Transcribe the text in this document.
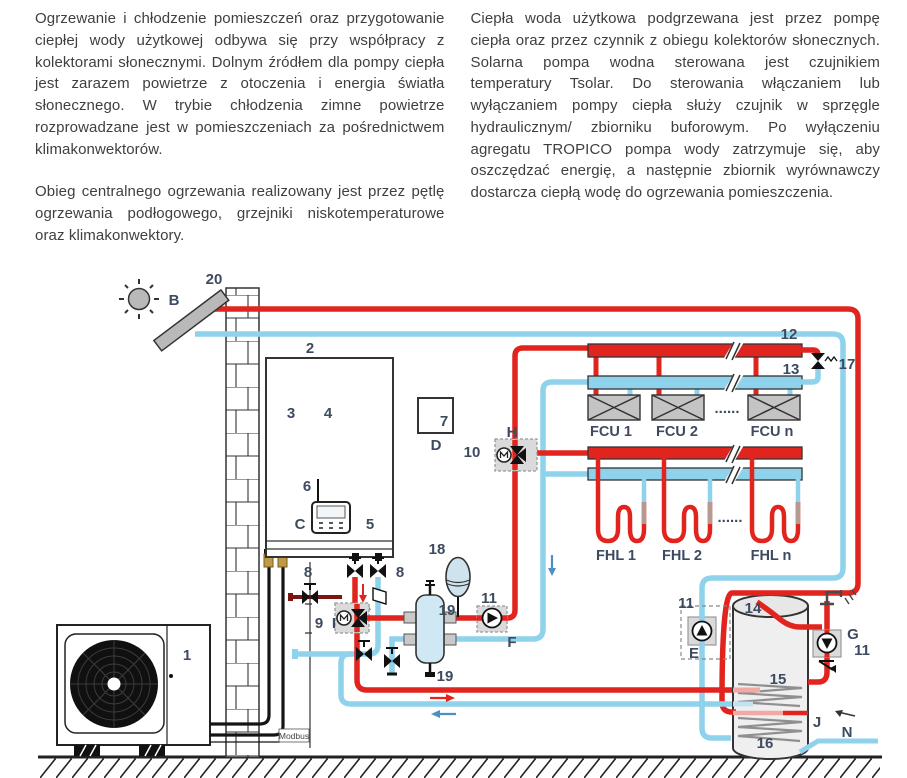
Ogrzewanie i chłodzenie pomieszczeń oraz przygotowanie ciepłej wody użytkowej odbywa się przy współpracy z kolektorami słonecznymi. Dolnym źródłem dla pompy ciepła jest zarazem powietrze z otoczenia i energia światła słonecznego. W trybie chłodzenia zimne powietrze rozprowadzane jest w pomieszczeniach za pośrednictwem klimakonwektorów.

Obieg centralnego ogrzewania realizowany jest przez pętlę ogrzewania podłogowego, grzejniki niskotemperaturowe oraz klimakonwektory.

Ciepła woda użytkowa podgrzewana jest przez pompę ciepła oraz przez czynnik z obiegu kolektorów słonecznych. Solarna pompa wodna sterowana jest czujnikiem temperatury Tsolar. Do sterowania włączaniem lub wyłączaniem pompy ciepła służy czujnik w sprzęgle hydraulicznym/ zbiorniku buforowym. Po wyłączeniu agregatu TROPICO pompa wody zatrzymuje się, aby oszczędzać energię, a następnie zbiornik wyrównawczy dostarcza ciepłą wodę do ogrzewania pomieszczenia.

20
B
2
3 4	7
D
6
C	5
8	8
18
9 I
19
19
11
F
10
H
12
13	17
FCU 1 FCU 2	FCU n
......
FHL 1 FHL 2	FHL n
......
11
E
14
15
16
J
G
11
N
1
Modbus
